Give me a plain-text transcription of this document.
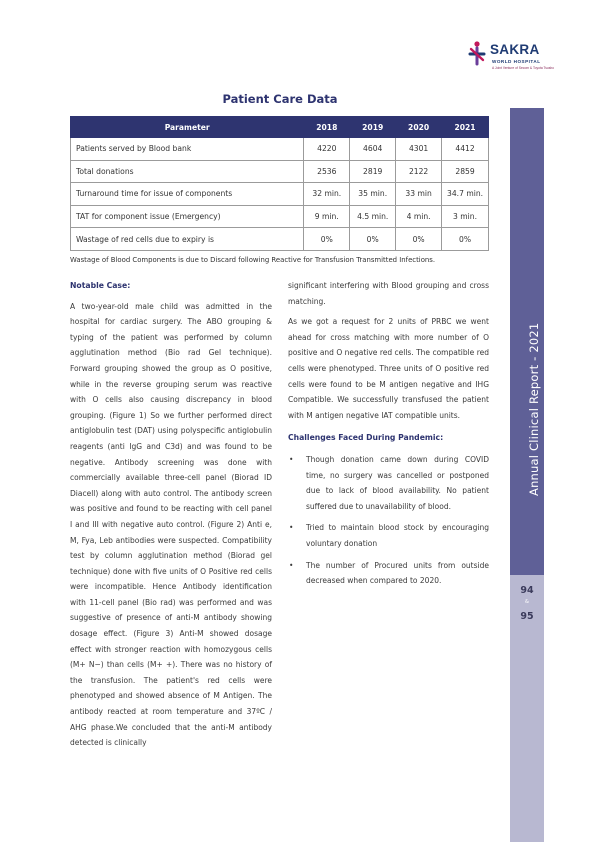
SAKRA
WORLD HOSPITAL
A Joint Venture of Secom & Toyota Tsusho
Annual Clinical Report - 2021
94
&
95
Patient Care Data
Parameter	2018	2019	2020	2021
Patients served by Blood bank	4220	4604	4301	4412
Total donations	2536	2819	2122	2859
Turnaround time for issue of components	32 min.	35 min.	33 min	34.7 min.
TAT for component issue (Emergency)	9 min.	4.5 min.	4 min.	3 min.
Wastage of red cells due to expiry is	0%	0%	0%	0%
Wastage of Blood Components is due to Discard following Reactive for Transfusion Transmitted Infections.
Notable Case:
A two-year-old male child was admitted in the hospital for cardiac surgery. The ABO grouping & typing of the patient was performed by column agglutination method (Bio rad Gel technique). Forward grouping showed the group as O positive, while in the reverse grouping serum was reactive with O cells also causing discrepancy in blood grouping. (Figure 1) So we further performed direct antiglobulin test (DAT) using polyspecific antiglobulin reagents (anti IgG and C3d) and was found to be negative. Antibody screening was done with commercially available three-cell panel (Biorad ID Diacell) along with auto control. The antibody screen was positive and found to be reacting with cell panel I and III with negative auto control. (Figure 2) Anti e, M, Fya, Leb antibodies were suspected. Compatibility test by column agglutination method (Biorad gel technique) done with five units of O Positive red cells were incompatible. Hence Antibody identification with 11-cell panel (Bio rad) was performed and was suggestive of presence of anti-M antibody showing dosage effect. (Figure 3) Anti-M showed dosage effect with stronger reaction with homozygous cells (M+ N−) than cells (M+ +). There was no history of the transfusion. The patient's red cells were phenotyped and showed absence of M Antigen. The antibody reacted at room temperature and 37ºC / AHG phase.We concluded that the anti-M antibody detected is clinically
significant interfering with Blood grouping and cross matching.
As we got a request for 2 units of PRBC we went ahead for cross matching with more number of O positive and O negative red cells. The compatible red cells were phenotyped. Three units of O positive red cells were found to be M antigen negative and IHG Compatible. We successfully transfused the patient with M antigen negative IAT compatible units.
Challenges Faced During Pandemic:
• Though donation came down during COVID time, no surgery was cancelled or postponed due to lack of blood availability. No patient suffered due to unavailability of blood.
• Tried to maintain blood stock by encouraging voluntary donation
• The number of Procured units from outside decreased when compared to 2020.
